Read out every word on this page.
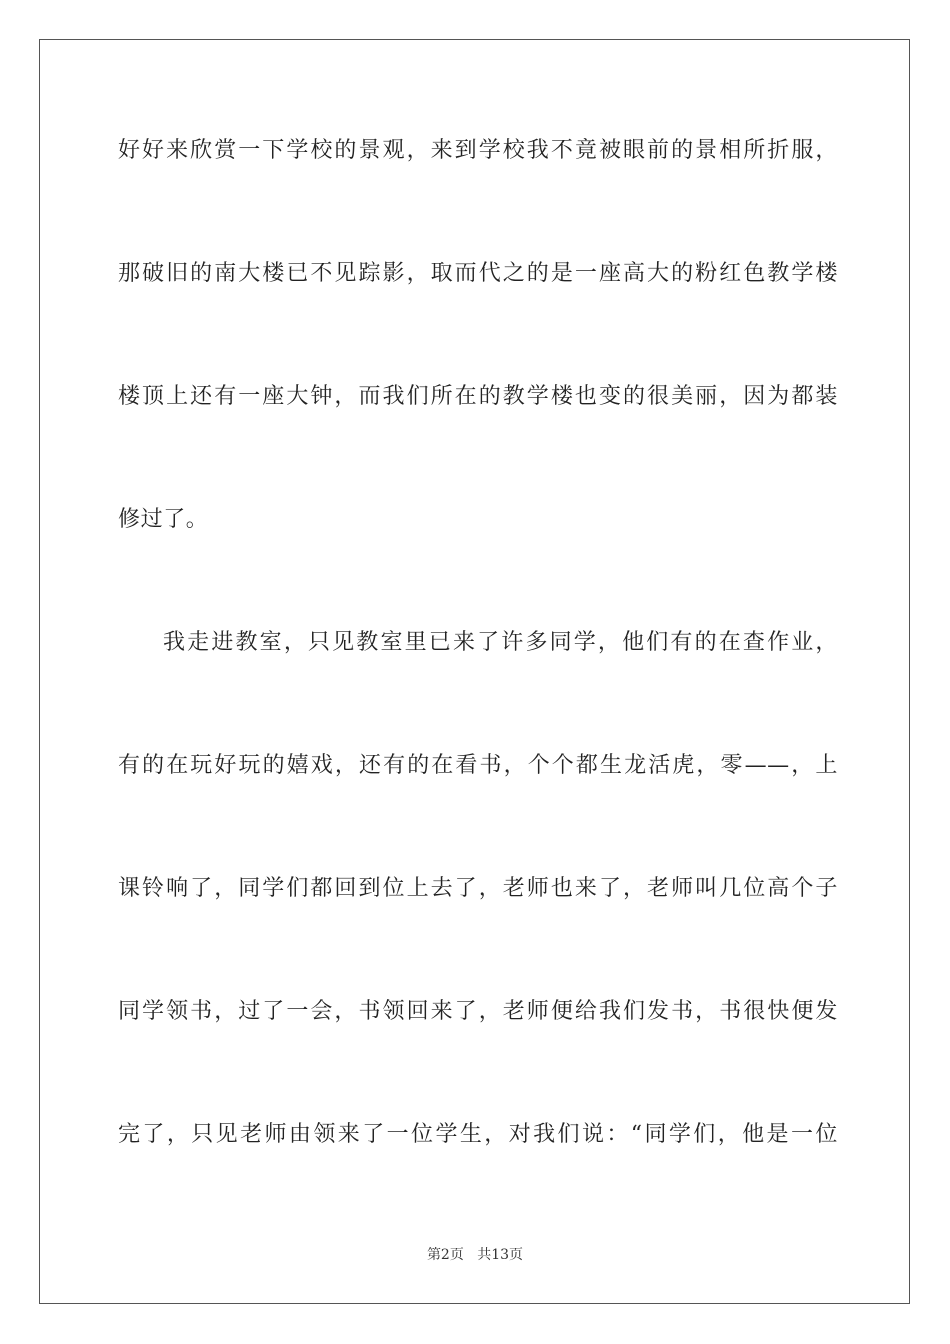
好好来欣赏一下学校的景观，来到学校我不竟被眼前的景相所折服，
那破旧的南大楼已不见踪影，取而代之的是一座高大的粉红色教学楼
楼顶上还有一座大钟，而我们所在的教学楼也变的很美丽，因为都装
修过了。
我走进教室，只见教室里已来了许多同学，他们有的在查作业，
有的在玩好玩的嬉戏，还有的在看书，个个都生龙活虎，零——，上
课铃响了，同学们都回到位上去了，老师也来了，老师叫几位高个子
同学领书，过了一会，书领回来了，老师便给我们发书，书很快便发
完了，只见老师由领来了一位学生，对我们说：“同学们，他是一位
第2页 共13页
